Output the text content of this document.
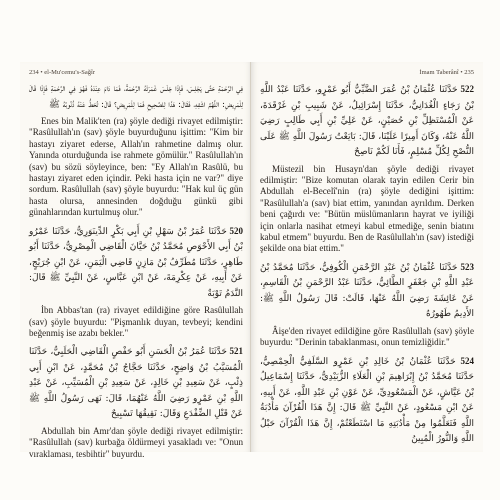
234 • el-Mu'cemu's-Sağîr

فِي الرَّحْمَةِ حَتَّى يَجْلِسَ، فَإِذَا جَلَسَ غَمَرَتْهُ الرَّحْمَةُ، فَمَا دَامَ عِنْدَهُ فَهُوَ فِي الرَّحْمَةِ فَإِذَا قَالَ لِلْمَرِيضِ: اللَّهُمَّ اشْفِهِ، فَقَالَ: هَذَا لِلصَّحِيحِ فَمَا لِلْمَرِيضِ؟ قَالَ: تُحَطُّ عَنْهُ ذُنُوبُهُ ﷺ

Enes bin Malik'ten (ra) şöyle dediği rivayet edilmiştir: "Rasûlullah'ın (sav) şöyle buyurduğunu işittim: "Kim bir hastayı ziyaret ederse, Allah'ın rahmetine dalmış olur. Yanında oturduğunda ise rahmete gömülür." Rasûlullah'ın (sav) bu sözü söyleyince, ben: "Ey Allah'ın Rasûlü, bu hastayı ziyaret eden içindir. Peki hasta için ne var?" diye sordum. Rasûlullah (sav) şöyle buyurdu: "Hak kul üç gün hasta olursa, annesinden doğduğu günkü gibi günahlarından kurtulmuş olur."

520 حَدَّثَنَا عُمَرُ بْنُ سَهْلِ بْنِ أَبِي بَكْرٍ الدِّينَوَرِيُّ، حَدَّثَنَا عَمْرُو بْنُ أَبِي الأَحْوَصِ مُحَمَّدُ بْنُ حَيَّانَ الْقَاضِي الْمِصْرِيُّ، حَدَّثَنَا أَبُو طَاهِرٍ، حَدَّثَنَا مُطَرِّفُ بْنُ مَازِنٍ قَاضِي الْيَمَنِ، عَنْ ابْنِ جُرَيْجٍ، عَنْ أَبِيهِ، عَنْ عِكْرِمَةَ، عَنْ ابْنِ عَبَّاسٍ، عَنْ النَّبِيِّ ﷺ قَالَ: النَّدَمُ تَوْبَةٌ

İbn Abbas'tan (ra) rivayet edildiğine göre Rasûlullah (sav) şöyle buyurdu: "Pişmanlık duyan, tevbeyi; kendini beğenmiş ise azabı bekler."

521 حَدَّثَنَا عُمَرُ بْنُ الْحَسَنِ أَبُو حَفْصٍ الْقَاضِي الْحَلَبِيُّ، حَدَّثَنَا الْمُسَيَّبُ بْنُ وَاضِحٍ، حَدَّثَنَا حَجَّاجُ بْنُ مُحَمَّدٍ، عَنْ ابْنِ أَبِي ذِئْبٍ، عَنْ سَعِيدِ بْنِ خَالِدٍ، عَنْ سَعِيدِ بْنِ الْمُسَيِّبِ، عَنْ عَبْدِ اللَّهِ بْنِ عَمْرٍو رَضِيَ اللَّهُ عَنْهُمَا، قَالَ: نَهَى رَسُولُ اللَّهِ ﷺ عَنْ قَتْلِ الضِّفْدَعِ وَقَالَ: نَقِيقُهَا تَسْبِيحٌ

Abdullah bin Amr'dan şöyle dediği rivayet edilmiştir: "Rasûlullah (sav) kurbağa öldürmeyi yasakladı ve: "Onun vıraklaması, tesbihtir" buyurdu.

İmam Taberânî • 235

522 حَدَّثَنَا عُثْمَانُ بْنُ عُمَرَ الضَّبِّيُّ أَبُو عَمْرٍو، حَدَّثَنَا عَبْدُ اللَّهِ بْنُ رَجَاءٍ الْغُدَانِيُّ، حَدَّثَنَا إِسْرَائِيلُ، عَنْ شَبِيبِ بْنِ غَرْقَدَةَ، عَنْ الْمُسْتَظِلِّ بْنِ حُصَيْنٍ، عَنْ عَلِيِّ بْنِ أَبِي طَالِبٍ رَضِيَ اللَّهُ عَنْهُ، وَكَانَ أَمِيرًا عَلَيْنَا، قَالَ: بَايَعْتُ رَسُولَ اللَّهِ ﷺ عَلَى النُّصْحِ لِكُلِّ مُسْلِمٍ، فَأَنَا لَكُمْ نَاصِحٌ

Müstezil bin Husayn'dan şöyle dediği rivayet edilmiştir: "Bize komutan olarak tayin edilen Cerir bin Abdullah el-Becelî'nin (ra) şöyle dediğini işittim: "Rasûlullah'a (sav) biat ettim, yanından ayrıldım. Derken beni çağırdı ve: "Bütün müslümanların hayrat ve iyiliği için onlarla nasihat etmeyi kabul etmediğe, senin biatını kabul etmem" buyurdu. Ben de Rasûlullah'ın (sav) istediği şekilde ona biat ettim."

523 حَدَّثَنَا عُثْمَانُ بْنُ عَبْدِ الرَّحْمَنِ الْكُوفِيُّ، حَدَّثَنَا مُحَمَّدُ بْنُ عَبْدِ اللَّهِ بْنِ جَعْفَرٍ الطَّائِيُّ، حَدَّثَنَا عَبْدُ الرَّحْمَنِ بْنُ الْقَاسِمِ، عَنْ عَائِشَةَ رَضِيَ اللَّهُ عَنْهَا، قَالَتْ: قَالَ رَسُولُ اللَّهِ ﷺ: الأَدِيمُ طَهُورُهُ

Âişe'den rivayet edildiğine göre Rasûlullah (sav) şöyle buyurdu: "Derinin tabaklanması, onun temizliğidir."

524 حَدَّثَنَا عُثْمَانُ بْنُ خَالِدِ بْنِ عَمْرٍو السَّلَفِيُّ الْحِمْصِيُّ، حَدَّثَنَا مُحَمَّدُ بْنُ إِبْرَاهِيمَ بْنِ الْعَلَاءِ الزُّبَيْدِيُّ، حَدَّثَنَا إِسْمَاعِيلُ بْنُ عَيَّاشٍ، عَنْ الْمَسْعُودِيِّ، عَنْ عَوْنِ بْنِ عَبْدِ اللَّهِ، عَنْ أَبِيهِ، عَنْ ابْنِ مَسْعُودٍ، عَنْ النَّبِيِّ ﷺ قَالَ: إِنَّ هَذَا الْقُرْآنَ مَأْدُبَةُ اللَّهِ فَتَعَلَّمُوا مِنْ مَأْدُبَتِهِ مَا اسْتَطَعْتُمْ، إِنَّ هَذَا الْقُرْآنَ حَبْلُ اللَّهِ وَالنُّورُ الْمُبِينُ
